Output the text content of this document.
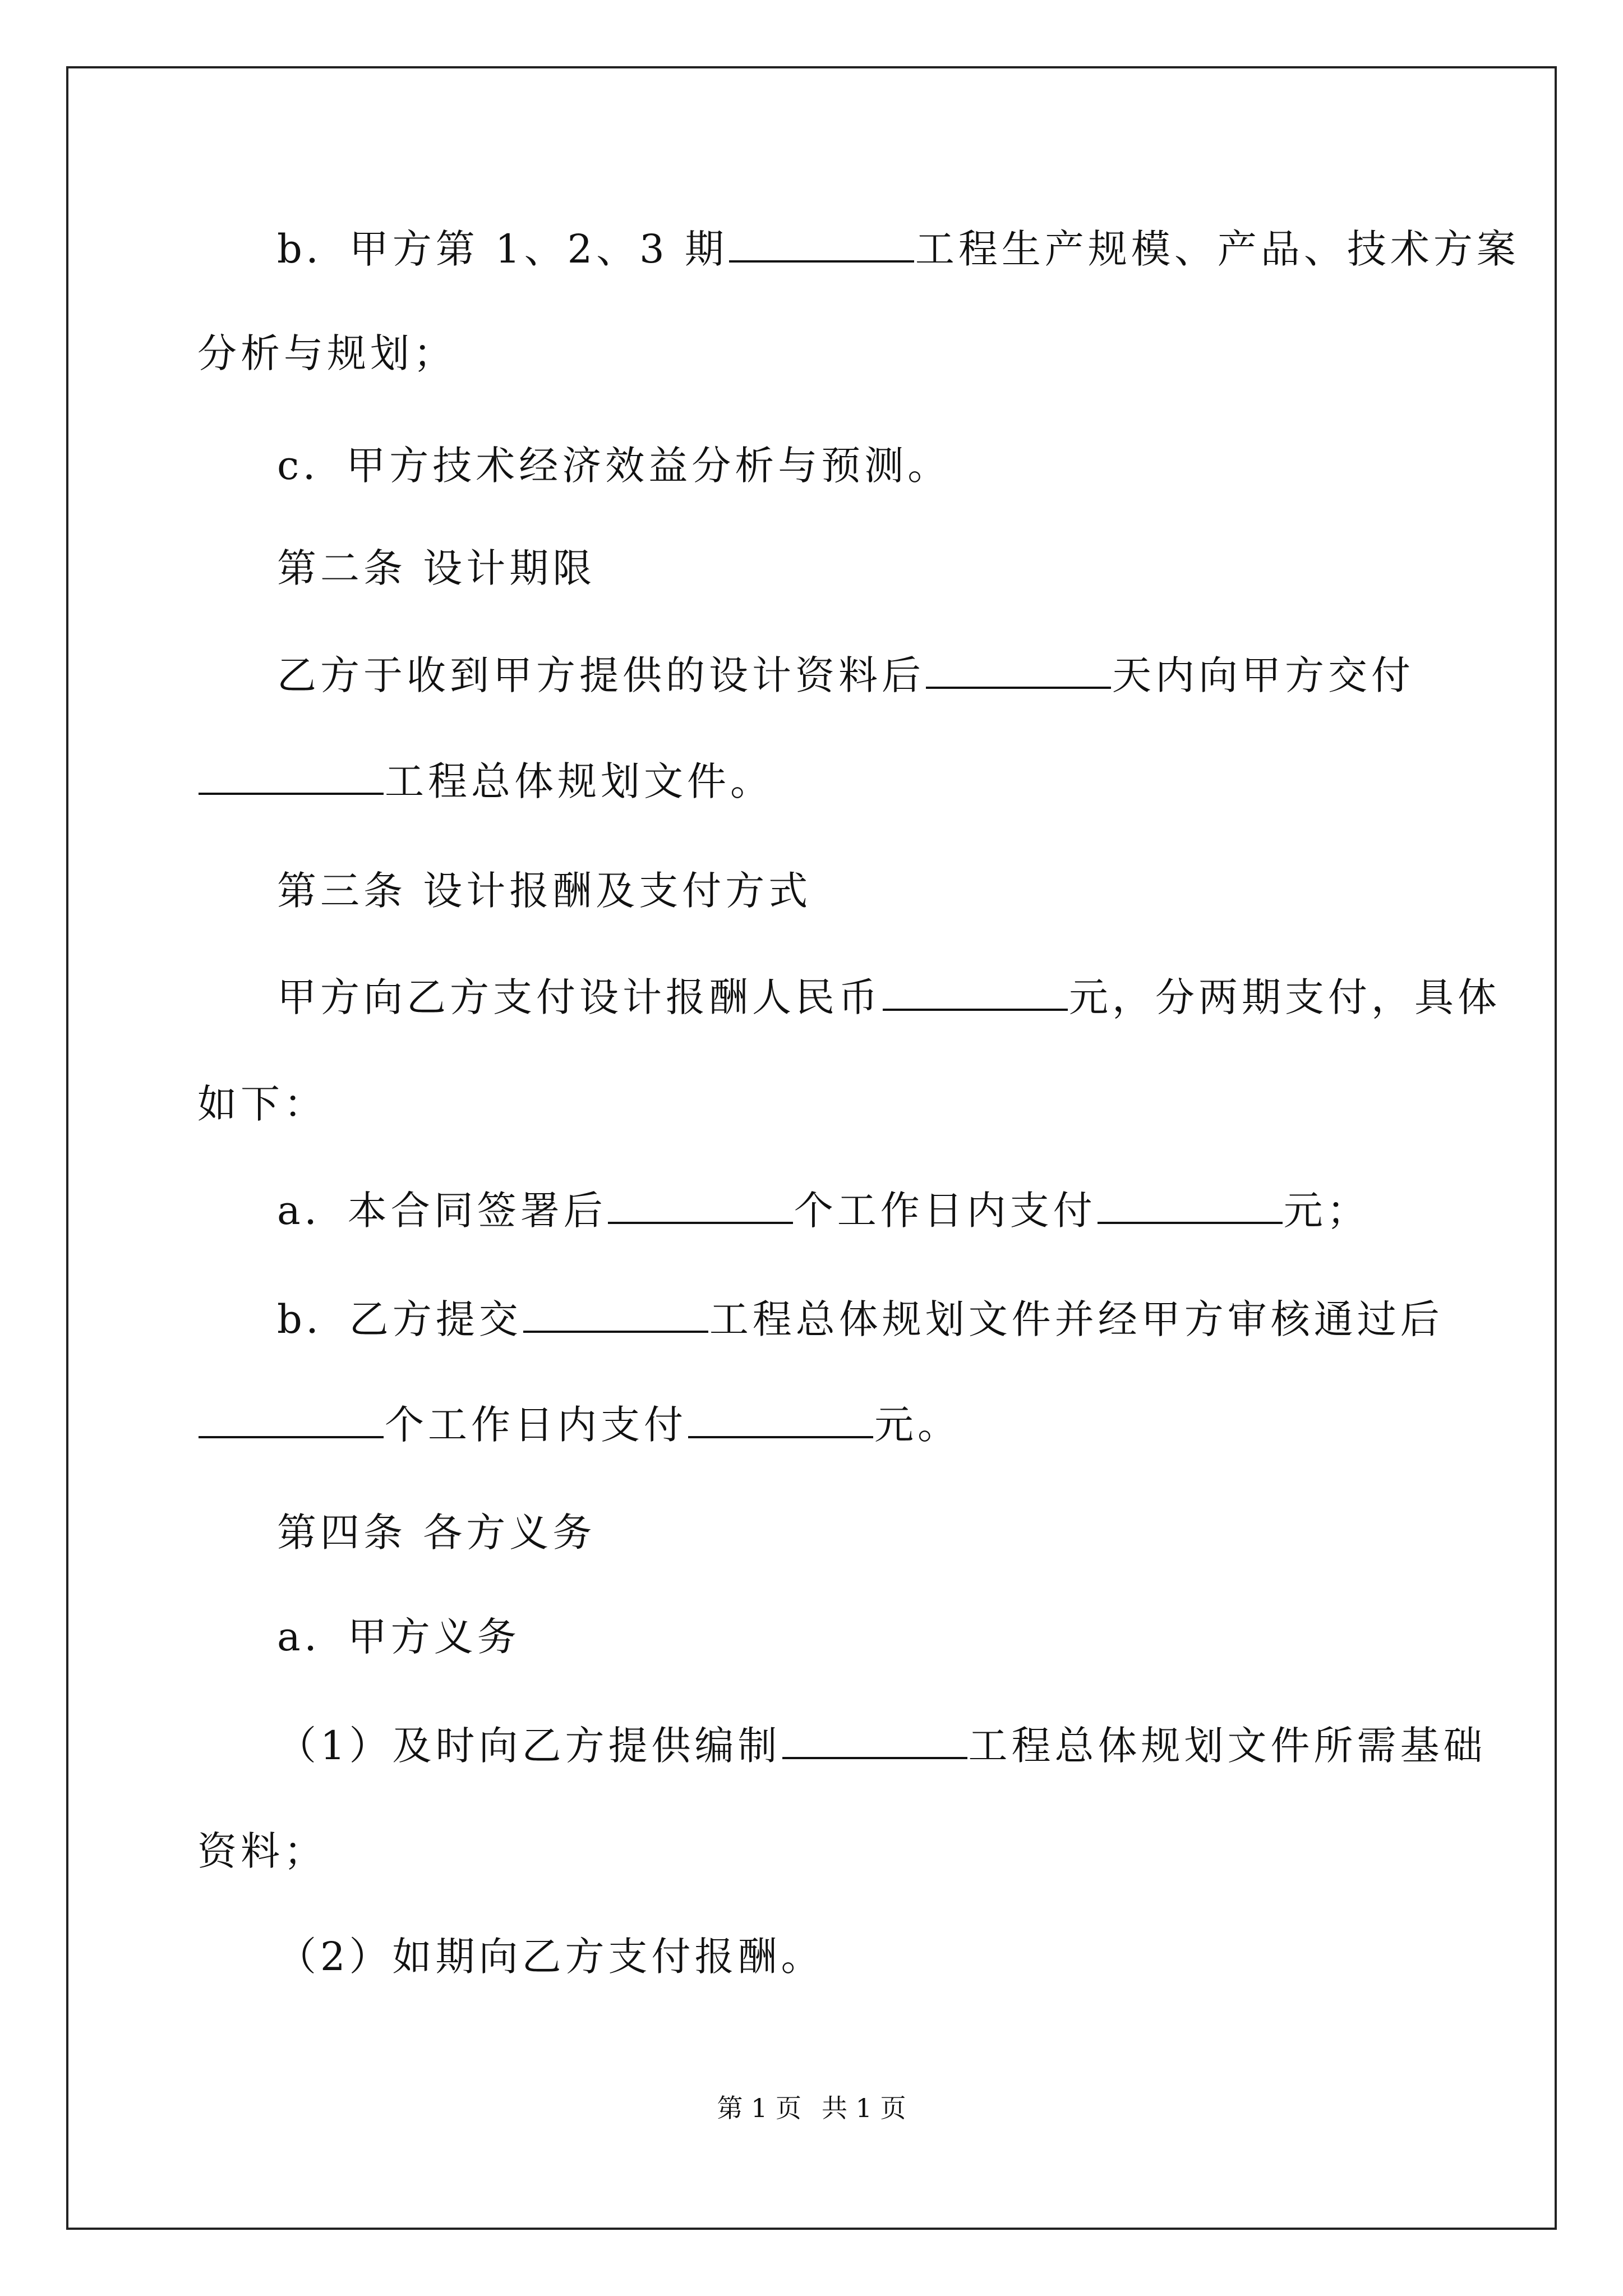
b．甲方第 1、2、3 期	工程生产规模、产品、技术方案
分析与规划；
c．甲方技术经济效益分析与预测。
第二条 设计期限
乙方于收到甲方提供的设计资料后	天内向甲方交付
工程总体规划文件。
第三条 设计报酬及支付方式
甲方向乙方支付设计报酬人民币	元，分两期支付，具体
如下：
a．本合同签署后	个工作日内支付	元；
b．乙方提交	工程总体规划文件并经甲方审核通过后
个工作日内支付	元。
第四条 各方义务
a．甲方义务
（1）及时向乙方提供编制	工程总体规划文件所需基础
资料；
（2）如期向乙方支付报酬。
第 1 页 共 1 页
